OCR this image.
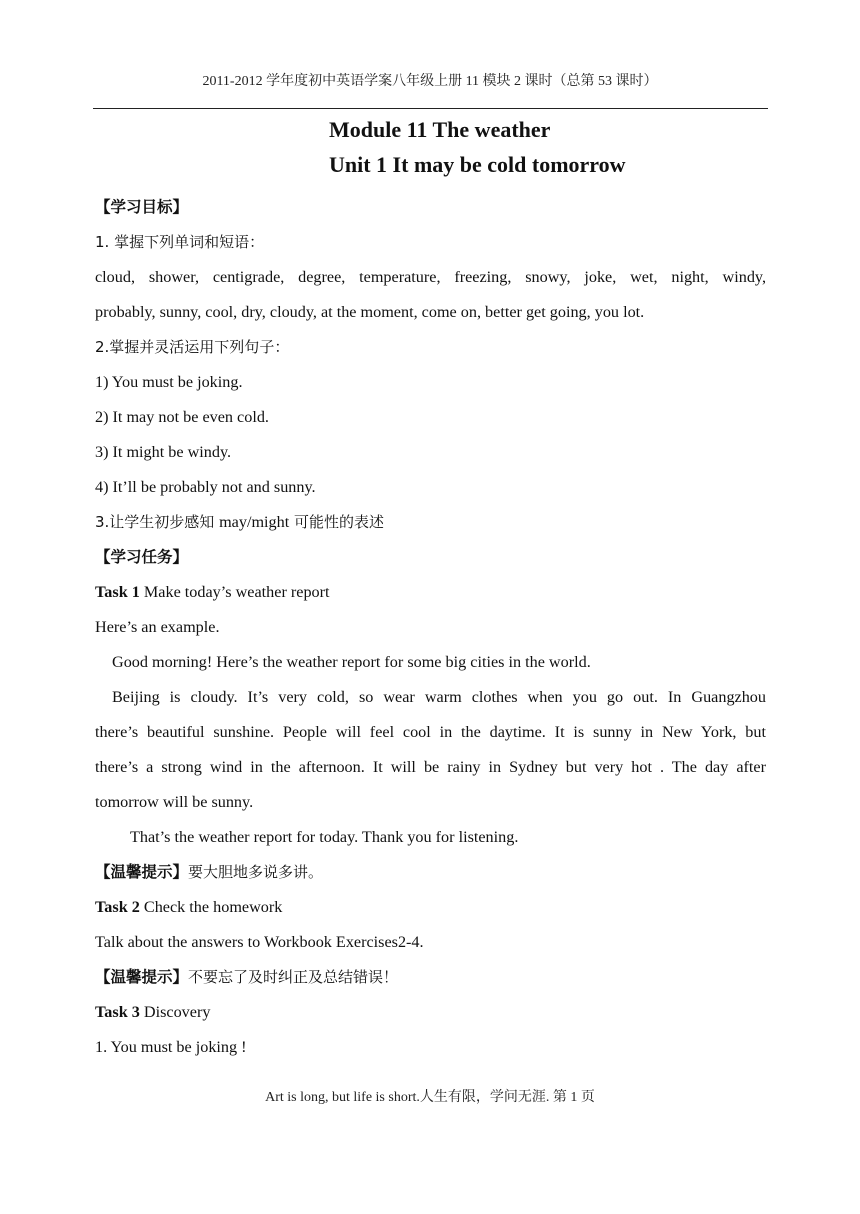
2011-2012 学年度初中英语学案八年级上册 11 模块 2 课时（总第 53 课时）
Module 11 The weather
Unit 1 It may be cold tomorrow
【学习目标】
1. 掌握下列单词和短语：
cloud, shower, centigrade, degree, temperature, freezing, snowy, joke, wet, night, windy,
probably, sunny, cool, dry, cloudy, at the moment, come on, better get going, you lot.
2.掌握并灵活运用下列句子：
1) You must be joking.
2) It may not be even cold.
3) It might be windy.
4) It’ll be probably not and sunny.
3.让学生初步感知 may/might 可能性的表述
【学习任务】
Task 1 Make today’s weather report
Here’s an example.
Good morning! Here’s the weather report for some big cities in the world.
Beijing is cloudy. It’s very cold, so wear warm clothes when you go out. In Guangzhou
there’s beautiful sunshine. People will feel cool in the daytime. It is sunny in New York, but
there’s a strong wind in the afternoon. It will be rainy in Sydney but very hot . The day after
tomorrow will be sunny.
That’s the weather report for today. Thank you for listening.
【温馨提示】要大胆地多说多讲。
Task 2 Check the homework
Talk about the answers to Workbook Exercises2-4.
【温馨提示】不要忘了及时纠正及总结错误！
Task 3 Discovery
1. You must be joking !
Art is long, but life is short.人生有限，学问无涯. 第 1 页
